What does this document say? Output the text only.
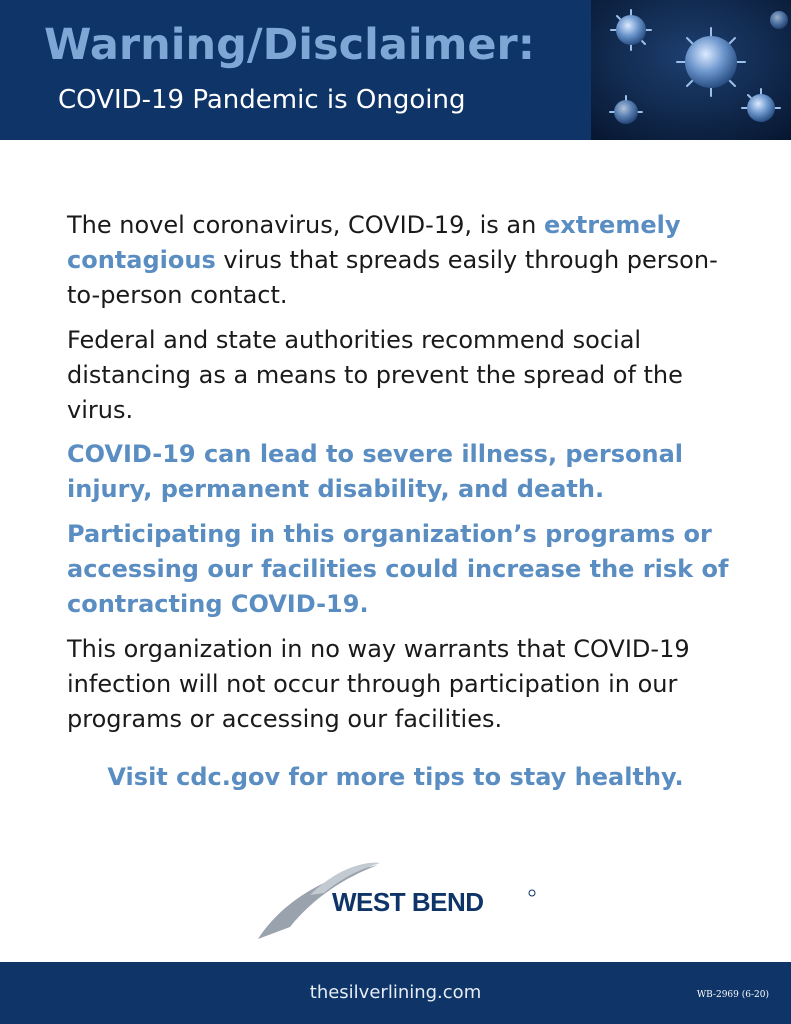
Warning/Disclaimer:

COVID-19 Pandemic is Ongoing

The novel coronavirus, COVID-19, is an extremely contagious virus that spreads easily through person-to-person contact.

Federal and state authorities recommend social distancing as a means to prevent the spread of the virus.

COVID-19 can lead to severe illness, personal injury, permanent disability, and death.

Participating in this organization’s programs or accessing our facilities could increase the risk of contracting COVID-19.

This organization in no way warrants that COVID-19 infection will not occur through participation in our programs or accessing our facilities.

Visit cdc.gov for more tips to stay healthy.

WEST BEND

thesilverlining.com	WB-2969 (6-20)
